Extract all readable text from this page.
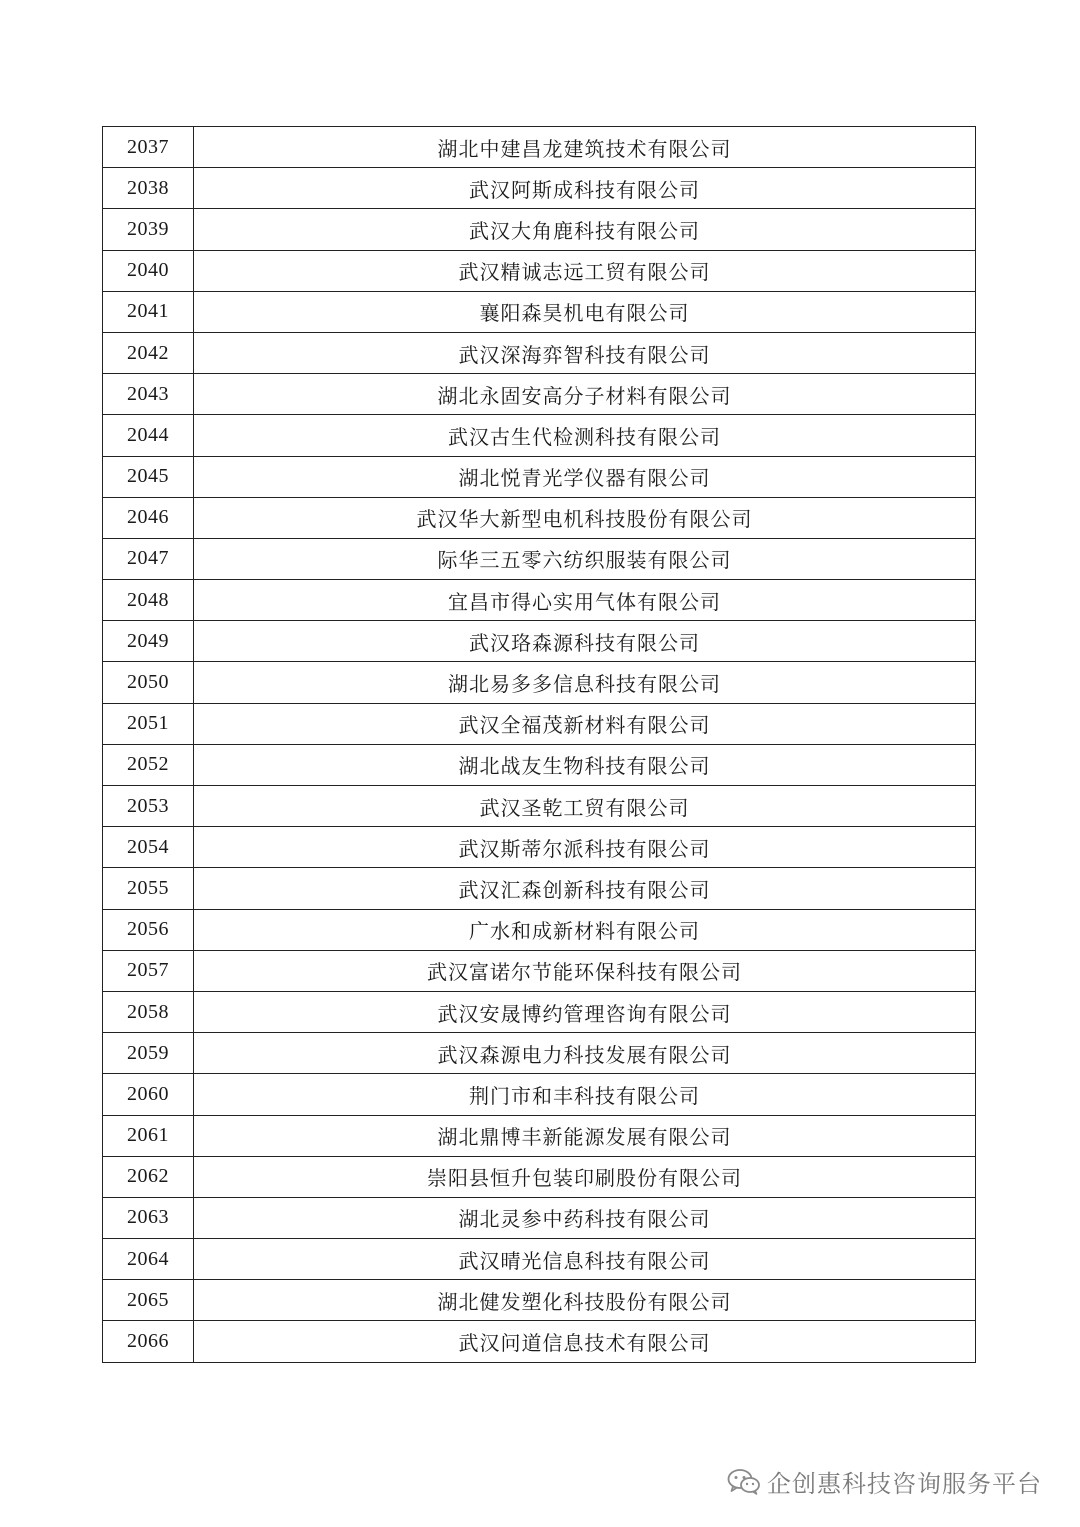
2037	湖北中建昌龙建筑技术有限公司
2038	武汉阿斯成科技有限公司
2039	武汉大角鹿科技有限公司
2040	武汉精诚志远工贸有限公司
2041	襄阳森昊机电有限公司
2042	武汉深海弈智科技有限公司
2043	湖北永固安高分子材料有限公司
2044	武汉古生代检测科技有限公司
2045	湖北悦青光学仪器有限公司
2046	武汉华大新型电机科技股份有限公司
2047	际华三五零六纺织服装有限公司
2048	宜昌市得心实用气体有限公司
2049	武汉珞森源科技有限公司
2050	湖北易多多信息科技有限公司
2051	武汉全福茂新材料有限公司
2052	湖北战友生物科技有限公司
2053	武汉圣乾工贸有限公司
2054	武汉斯蒂尔派科技有限公司
2055	武汉汇森创新科技有限公司
2056	广水和成新材料有限公司
2057	武汉富诺尔节能环保科技有限公司
2058	武汉安晟博约管理咨询有限公司
2059	武汉森源电力科技发展有限公司
2060	荆门市和丰科技有限公司
2061	湖北鼎博丰新能源发展有限公司
2062	崇阳县恒升包装印刷股份有限公司
2063	湖北灵参中药科技有限公司
2064	武汉晴光信息科技有限公司
2065	湖北健发塑化科技股份有限公司
2066	武汉问道信息技术有限公司
企创惠科技咨询服务平台
